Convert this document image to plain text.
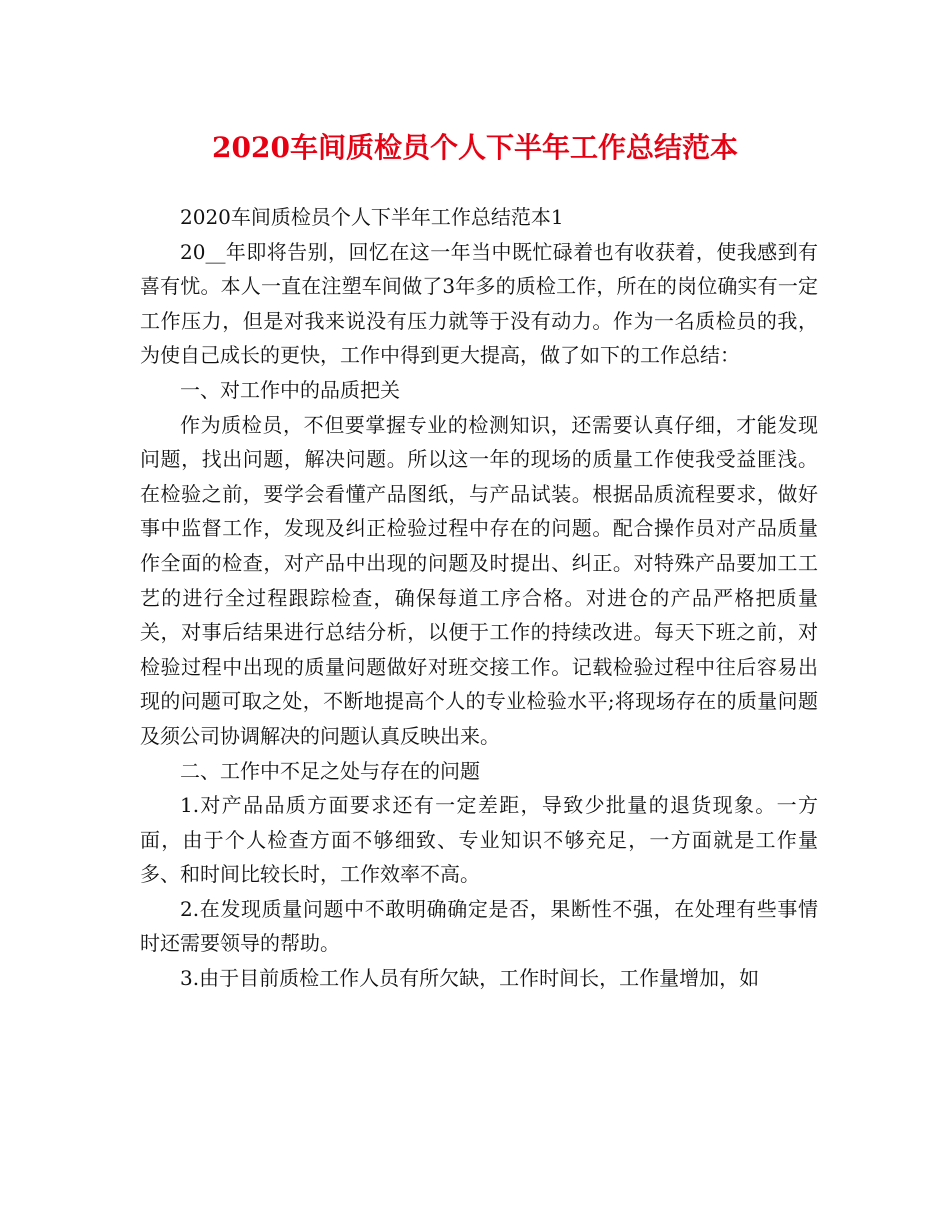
2020车间质检员个人下半年工作总结范本

2020车间质检员个人下半年工作总结范本1

20__年即将告别，回忆在这一年当中既忙碌着也有收获着，使我感到有喜有忧。本人一直在注塑车间做了3年多的质检工作，所在的岗位确实有一定工作压力，但是对我来说没有压力就等于没有动力。作为一名质检员的我，为使自己成长的更快，工作中得到更大提高，做了如下的工作总结：

一、对工作中的品质把关

作为质检员，不但要掌握专业的检测知识，还需要认真仔细，才能发现问题，找出问题，解决问题。所以这一年的现场的质量工作使我受益匪浅。在检验之前，要学会看懂产品图纸，与产品试装。根据品质流程要求，做好事中监督工作，发现及纠正检验过程中存在的问题。配合操作员对产品质量作全面的检查，对产品中出现的问题及时提出、纠正。对特殊产品要加工工艺的进行全过程跟踪检查，确保每道工序合格。对进仓的产品严格把质量关，对事后结果进行总结分析，以便于工作的持续改进。每天下班之前，对检验过程中出现的质量问题做好对班交接工作。记载检验过程中往后容易出现的问题可取之处，不断地提高个人的专业检验水平;将现场存在的质量问题及须公司协调解决的问题认真反映出来。

二、工作中不足之处与存在的问题

1.对产品品质方面要求还有一定差距，导致少批量的退货现象。一方面，由于个人检查方面不够细致、专业知识不够充足，一方面就是工作量多、和时间比较长时，工作效率不高。

2.在发现质量问题中不敢明确确定是否，果断性不强，在处理有些事情时还需要领导的帮助。

3.由于目前质检工作人员有所欠缺，工作时间长，工作量增加，如
